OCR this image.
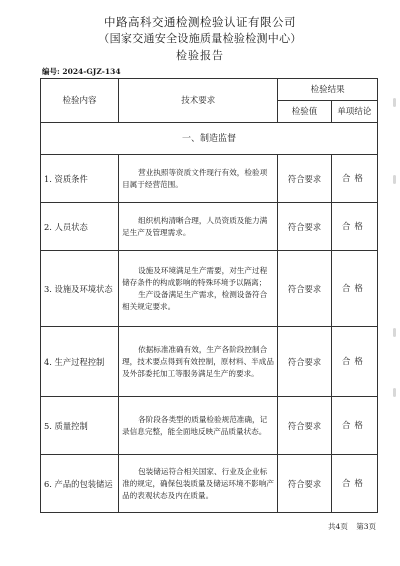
中路高科交通检测检验认证有限公司
（国家交通安全设施质量检验检测中心）
检验报告
编号: 2024-GJZ-134
检验内容	技术要求	检验结果	
		检验值	单项结论
一、制造监督			
1. 资质条件	营业执照等资质文件现行有效，检验项目属于经营范围。	符合要求	合格
2. 人员状态	组织机构清晰合理，人员资质及能力满足生产及管理需求。	符合要求	合格
3. 设施及环境状态	设施及环境满足生产需要，对生产过程储存条件的构成影响的特殊环境予以隔离；

生产设备满足生产需求，检测设备符合相关规定要求。	符合要求	合格
4. 生产过程控制	依据标准准确有效，生产各阶段控制合理，技术要点得到有效控制，原材料、半成品及外部委托加工等服务满足生产的要求。	符合要求	合格
5. 质量控制	各阶段各类型的质量检验规范准确，记录信息完整，能全面地反映产品质量状态。	符合要求	合格
6. 产品的包装储运	包装储运符合相关国家、行业及企业标准的规定，确保包装质量及储运环境不影响产品的表观状态及内在质量。	符合要求	合格
共4页 第3页
